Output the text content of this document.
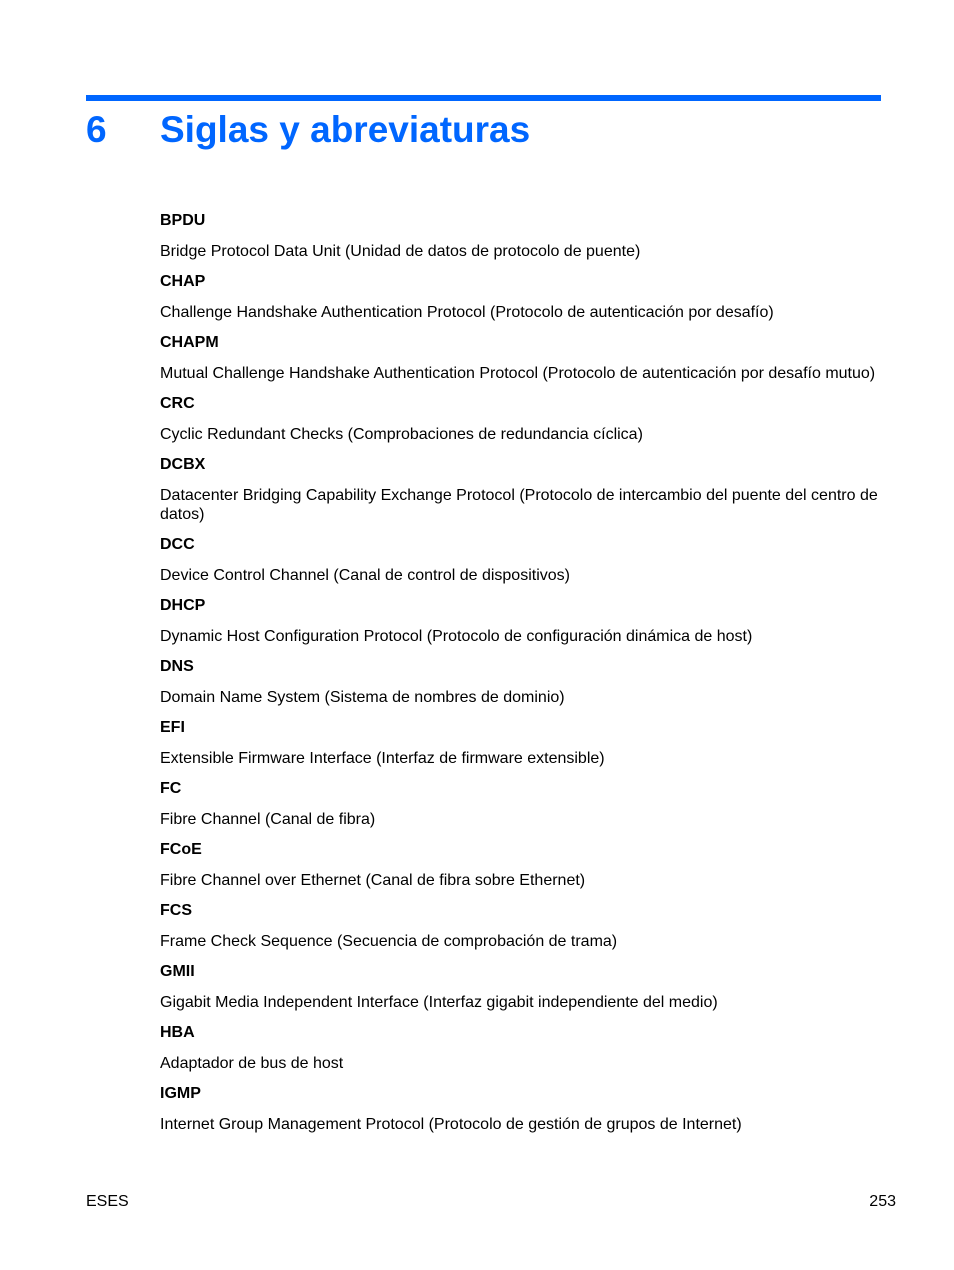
6 Siglas y abreviaturas
BPDU
Bridge Protocol Data Unit (Unidad de datos de protocolo de puente)
CHAP
Challenge Handshake Authentication Protocol (Protocolo de autenticación por desafío)
CHAPM
Mutual Challenge Handshake Authentication Protocol (Protocolo de autenticación por desafío mutuo)
CRC
Cyclic Redundant Checks (Comprobaciones de redundancia cíclica)
DCBX
Datacenter Bridging Capability Exchange Protocol (Protocolo de intercambio del puente del centro de datos)
DCC
Device Control Channel (Canal de control de dispositivos)
DHCP
Dynamic Host Configuration Protocol (Protocolo de configuración dinámica de host)
DNS
Domain Name System (Sistema de nombres de dominio)
EFI
Extensible Firmware Interface (Interfaz de firmware extensible)
FC
Fibre Channel (Canal de fibra)
FCoE
Fibre Channel over Ethernet (Canal de fibra sobre Ethernet)
FCS
Frame Check Sequence (Secuencia de comprobación de trama)
GMII
Gigabit Media Independent Interface (Interfaz gigabit independiente del medio)
HBA
Adaptador de bus de host
IGMP
Internet Group Management Protocol (Protocolo de gestión de grupos de Internet)
ESES	253
